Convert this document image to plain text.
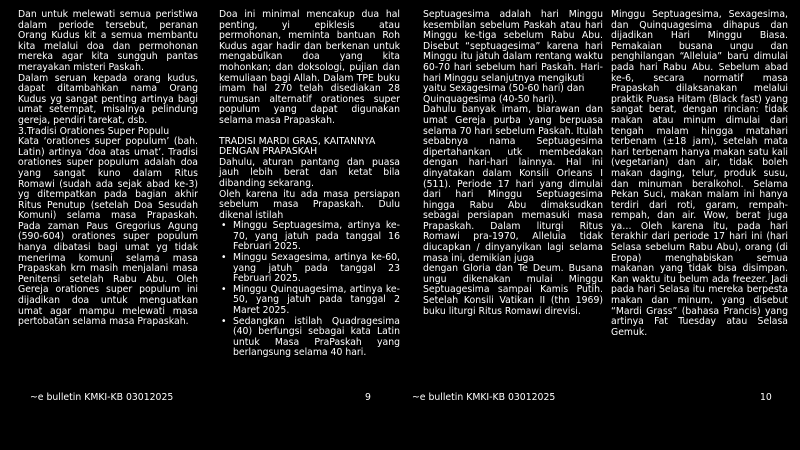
Dan untuk melewati semua peristiwa dalam periode tersebut, peranan Orang Kudus kit a semua membantu kita melalui doa dan permohonan mereka agar kita sungguh pantas merayakan misteri Paskah.

Dalam seruan kepada orang kudus, dapat ditambahkan nama Orang Kudus yg sangat penting artinya bagi umat setempat, misalnya pelindung gereja, pendiri tarekat, dsb.

3.Tradisi Orationes Super Populu

Kata ‘orationes super populum’ (bah. Latin) artinya ‘doa atas umat’. Tradisi orationes super populum adalah doa yang sangat kuno dalam Ritus Romawi (sudah ada sejak abad ke-3) yg ditempatkan pada bagian akhir Ritus Penutup (setelah Doa Sesudah Komuni) selama masa Prapaskah. Pada zaman Paus Gregorius Agung (590-604) orationes super populum hanya dibatasi bagi umat yg tidak menerima komuni selama masa Prapaskah krn masih menjalani masa Penitensi setelah Rabu Abu. Oleh Gereja orationes super populum ini dijadikan doa untuk menguatkan umat agar mampu melewati masa pertobatan selama masa Prapaskah.

Doa ini minimal mencakup dua hal penting, yi epiklesis atau permohonan, meminta bantuan Roh Kudus agar hadir dan berkenan untuk mengabulkan doa yang kita mohonkan; dan doksologi, pujian dan kemuliaan bagi Allah. Dalam TPE buku imam hal 270 telah disediakan 28 rumusan alternatif orationes super populum yang dapat digunakan selama masa Prapaskah.

TRADISI MARDI GRAS, KAITANNYA DENGAN PRAPASKAH

Dahulu, aturan pantang dan puasa jauh lebih berat dan ketat bila dibanding sekarang.

Oleh karena itu ada masa persiapan sebelum masa Prapaskah. Dulu dikenal istilah

• Minggu Septuagesima, artinya ke-70, yang jatuh pada tanggal 16 Februari 2025.
• Minggu Sexagesima, artinya ke-60, yang jatuh pada tanggal 23 Februari 2025.
• Minggu Quinquagesima, artinya ke-50, yang jatuh pada tanggal 2 Maret 2025.
• Sedangkan istilah Quadragesima (40) berfungsi sebagai kata Latin untuk Masa PraPaskah yang berlangsung selama 40 hari.

Septuagesima adalah hari Minggu kesembilan sebelum Paskah atau hari Minggu ke-tiga sebelum Rabu Abu. Disebut “septuagesima” karena hari Minggu itu jatuh dalam rentang waktu 60-70 hari sebelum hari Paskah. Hari-hari Minggu selanjutnya mengikuti

yaitu Sexagesima (50-60 hari) dan Quinquagesima (40-50 hari).

Dahulu banyak imam, biarawan dan umat Gereja purba yang berpuasa selama 70 hari sebelum Paskah. Itulah sebabnya nama Septuagesima dipertahankan utk membedakan dengan hari-hari lainnya. Hal ini dinyatakan dalam Konsili Orleans I (511). Periode 17 hari yang dimulai dari hari Minggu Septuagesima hingga Rabu Abu dimaksudkan sebagai persiapan memasuki masa Prapaskah. Dalam liturgi Ritus Romawi pra-1970, Alleluia tidak diucapkan / dinyanyikan lagi selama masa ini, demikian juga

dengan Gloria dan Te Deum. Busana ungu dikenakan mulai Minggu Septuagesima sampai Kamis Putih. Setelah Konsili Vatikan II (thn 1969) buku liturgi Ritus Romawi direvisi.

Minggu Septuagesima, Sexagesima, dan Quinquagesima dihapus dan dijadikan Hari Minggu Biasa. Pemakaian busana ungu dan penghilangan “Alleluia” baru dimulai pada hari Rabu Abu. Sebelum abad ke-6, secara normatif masa Prapaskah dilaksanakan melalui praktik Puasa Hitam (Black fast) yang sangat berat, dengan rincian: tidak makan atau minum dimulai dari tengah malam hingga matahari terbenam (±18 jam), setelah mata hari terbenam hanya makan satu kali (vegetarian) dan air, tidak boleh makan daging, telur, produk susu, dan minuman beralkohol. Selama Pekan Suci, makan malam ini hanya terdiri dari roti, garam, rempah-rempah, dan air. Wow, berat juga ya… Oleh karena itu, pada hari terakhir dari periode 17 hari ini (hari Selasa sebelum Rabu Abu), orang (di Eropa) menghabiskan semua makanan yang tidak bisa disimpan. Kan waktu itu belum ada freezer. Jadi pada hari Selasa itu mereka berpesta makan dan minum, yang disebut “Mardi Grass” (bahasa Prancis) yang artinya Fat Tuesday atau Selasa Gemuk.

~e bulletin KMKI-KB 03012025	9	~e bulletin KMKI-KB 03012025	10
